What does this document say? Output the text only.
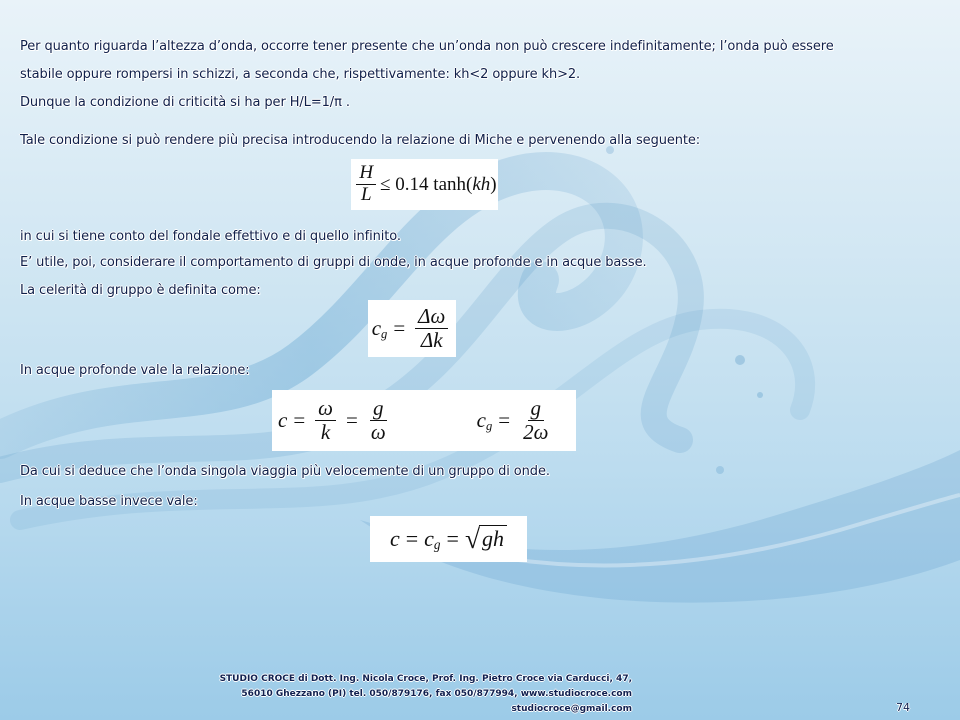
Per quanto riguarda l’altezza d’onda, occorre tener presente che un’onda non può crescere indefinitamente; l’onda può essere

stabile oppure rompersi in schizzi, a seconda che, rispettivamente: kh<2 oppure kh>2.

Dunque la condizione di criticità si ha per H/L=1/π .

Tale condizione si può rendere più precisa introducendo la relazione di Miche e pervenendo alla seguente:

$\frac{H}{L} \le 0.14$ tanh( kh )

in cui si tiene conto del fondale effettivo e di quello infinito.

E’ utile, poi, considerare il comportamento di gruppi di onde, in acque profonde e in acque basse.

La celerità di gruppo è definita come:

c $g = \frac{\Delta\omega}{\Delta k}$

In acque profonde vale la relazione:

$c = \frac{\omega}{k} = \frac{g}{\omega}$	c $g = \frac{g}{2\omega}$

Da cui si deduce che l’onda singola viaggia più velocemente di un gruppo di onde.

In acque basse invece vale:

c = c g = √ gh

STUDIO CROCE di Dott. Ing. Nicola Croce, Prof. Ing. Pietro Croce via Carducci, 47,
56010 Ghezzano (PI) tel. 050/879176, fax 050/877994, www.studiocroce.com
studiocroce@gmail.com	74
